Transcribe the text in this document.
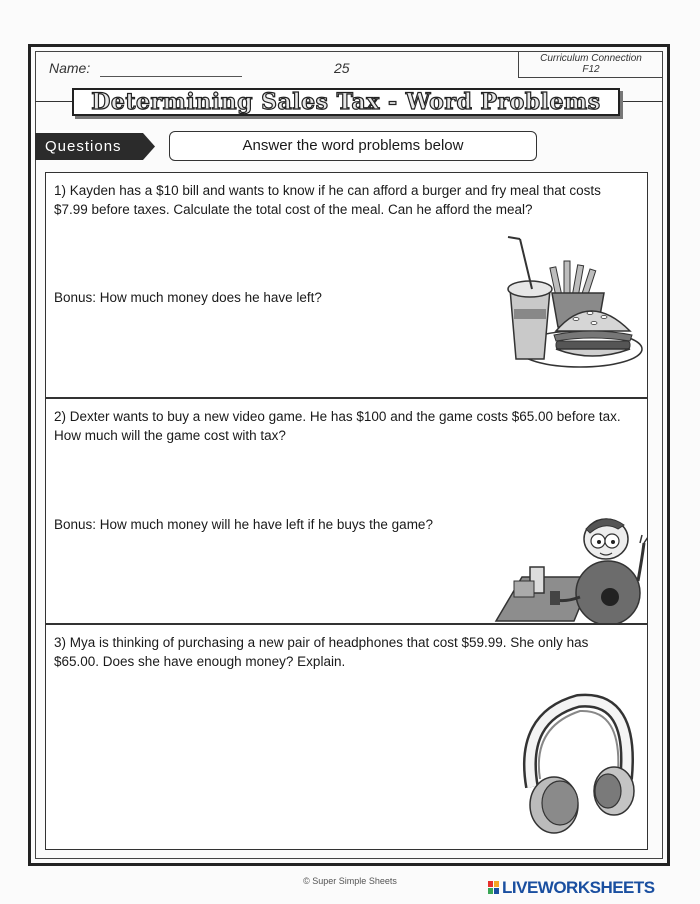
Name:	25
Curriculum Connection
F12
Determining Sales Tax - Word Problems
Questions	Answer the word problems below
1) Kayden has a $10 bill and wants to know if he can afford a burger and fry meal that costs $7.99 before taxes. Calculate the total cost of the meal. Can he afford the meal?
Bonus: How much money does he have left?
2) Dexter wants to buy a new video game. He has $100 and the game costs $65.00 before tax. How much will the game cost with tax?
Bonus: How much money will he have left if he buys the game?
3) Mya is thinking of purchasing a new pair of headphones that cost $59.99. She only has $65.00. Does she have enough money? Explain.
© Super Simple Sheets	LIVEWORKSHEETS
